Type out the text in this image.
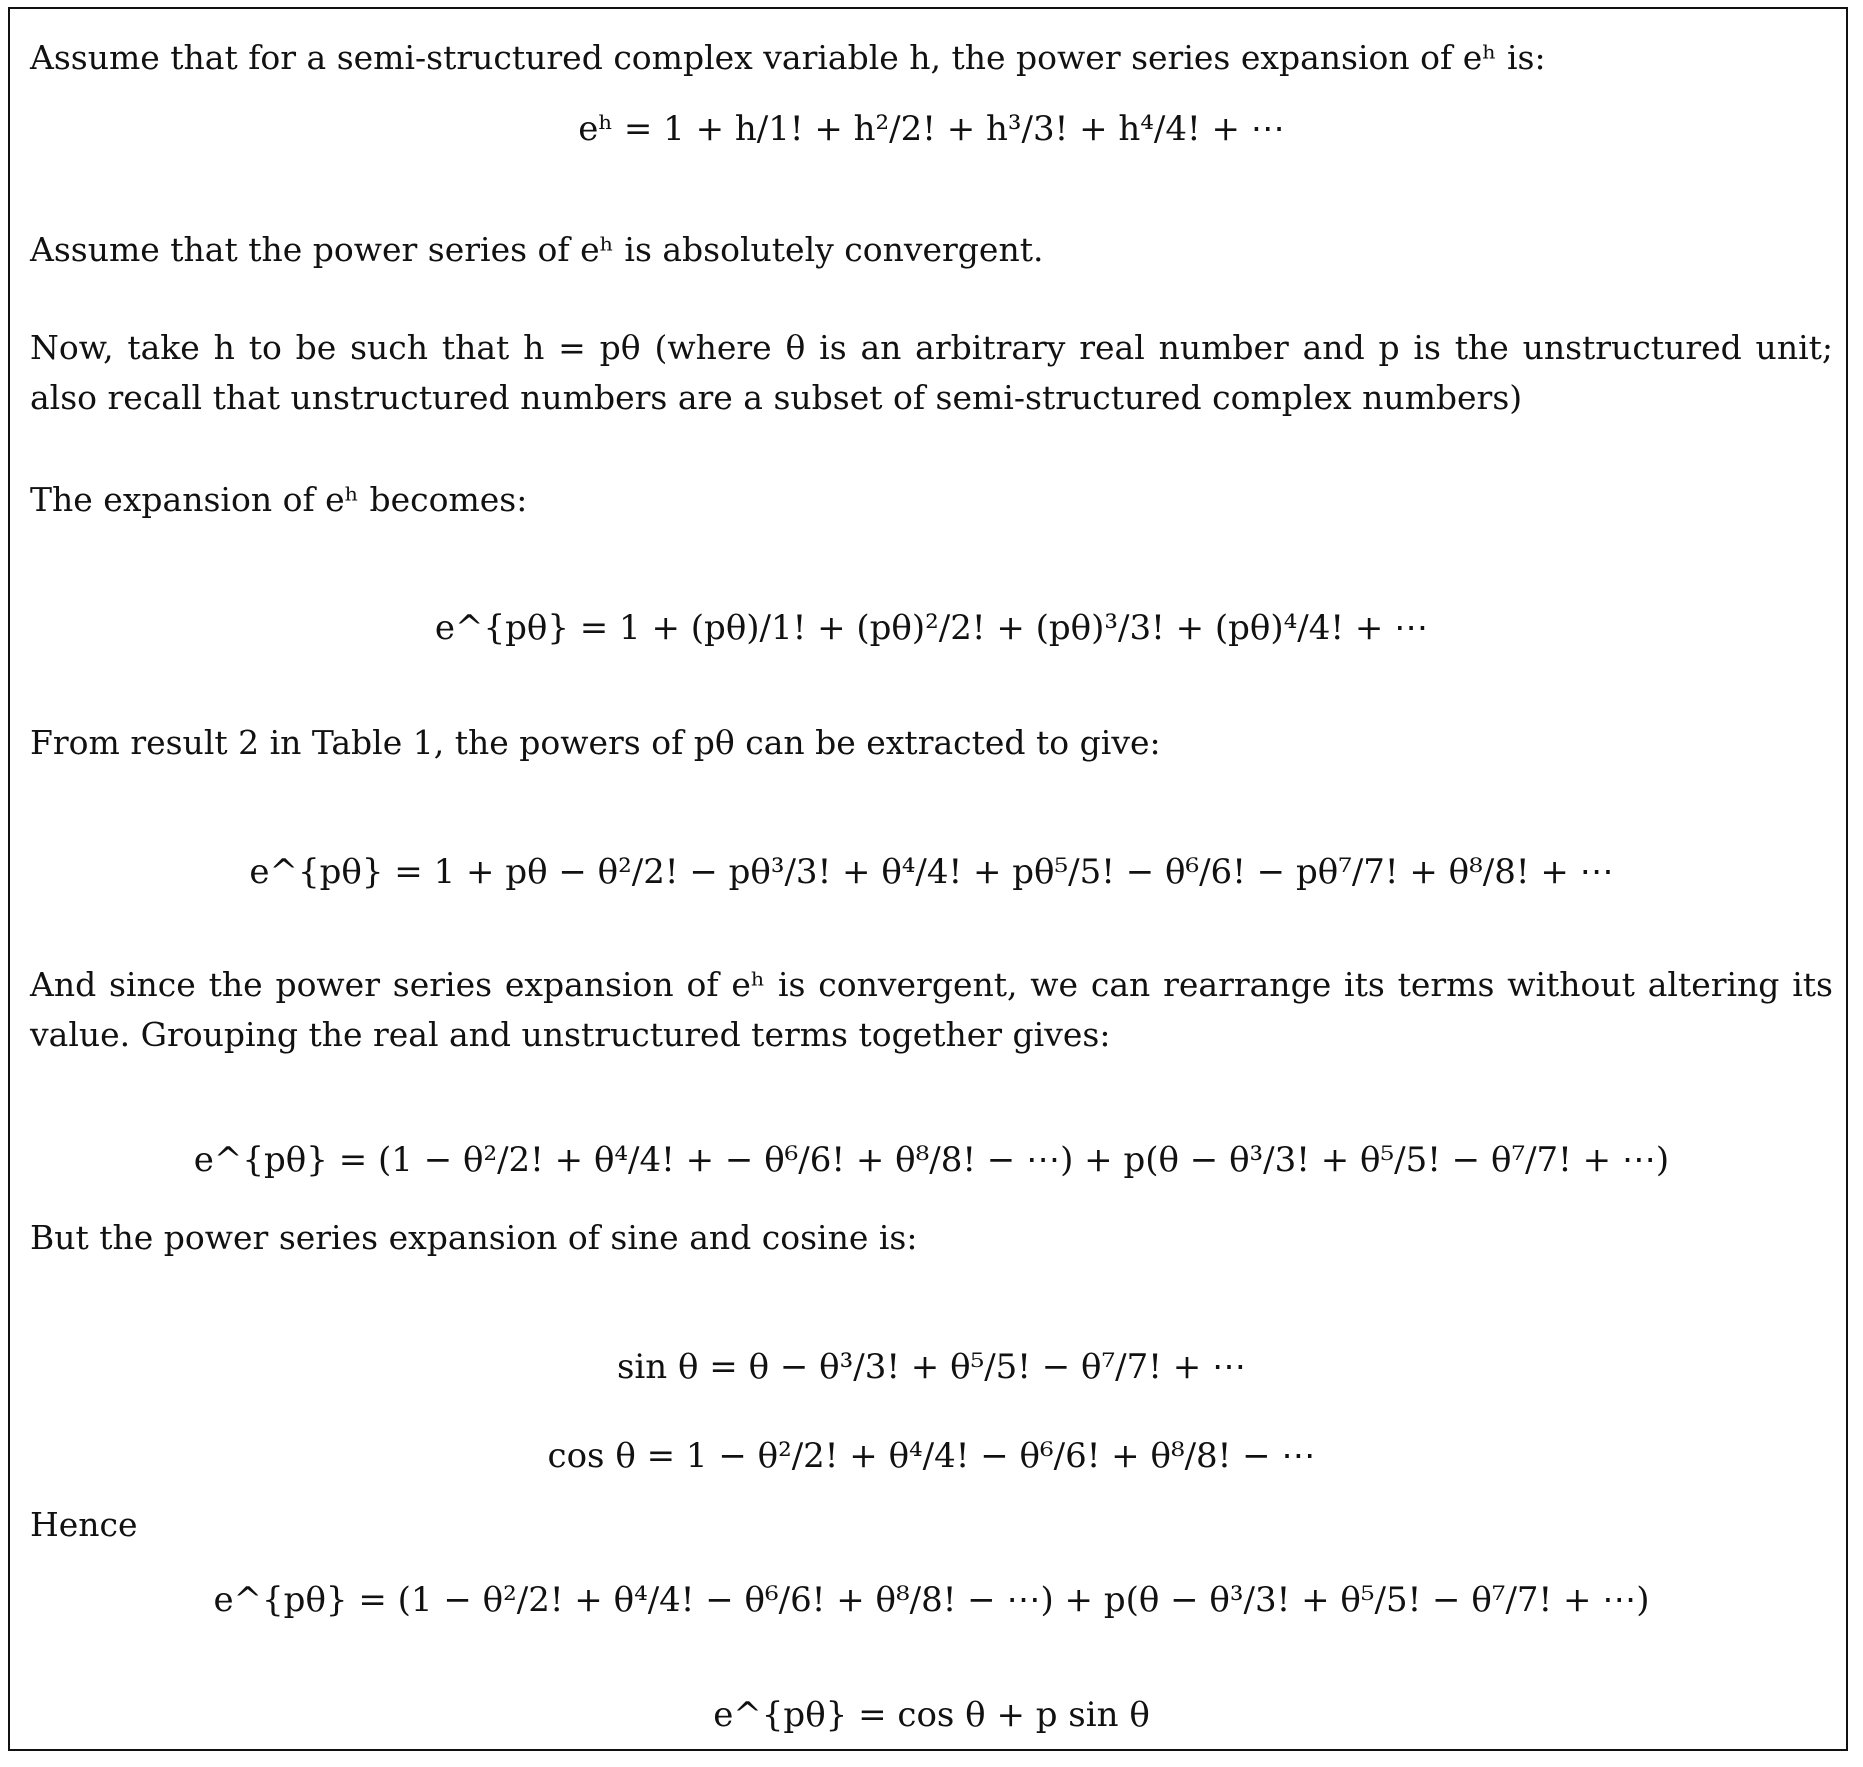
Assume that for a semi-structured complex variable h, the power series expansion of eʰ is:
eʰ = 1 + h/1! + h²/2! + h³/3! + h⁴/4! + ⋯
Assume that the power series of eʰ is absolutely convergent.
Now, take h to be such that h = pθ (where θ is an arbitrary real number and p is the unstructured unit; also recall that unstructured numbers are a subset of semi-structured complex numbers)
The expansion of eʰ becomes:
e^{pθ} = 1 + (pθ)/1! + (pθ)²/2! + (pθ)³/3! + (pθ)⁴/4! + ⋯
From result 2 in Table 1, the powers of pθ can be extracted to give:
e^{pθ} = 1 + pθ − θ²/2! − pθ³/3! + θ⁴/4! + pθ⁵/5! − θ⁶/6! − pθ⁷/7! + θ⁸/8! + ⋯
And since the power series expansion of eʰ is convergent, we can rearrange its terms without altering its value. Grouping the real and unstructured terms together gives:
e^{pθ} = (1 − θ²/2! + θ⁴/4! + − θ⁶/6! + θ⁸/8! − ⋯) + p(θ − θ³/3! + θ⁵/5! − θ⁷/7! + ⋯)
But the power series expansion of sine and cosine is:
sin θ = θ − θ³/3! + θ⁵/5! − θ⁷/7! + ⋯
cos θ = 1 − θ²/2! + θ⁴/4! − θ⁶/6! + θ⁸/8! − ⋯
Hence
e^{pθ} = (1 − θ²/2! + θ⁴/4! − θ⁶/6! + θ⁸/8! − ⋯) + p(θ − θ³/3! + θ⁵/5! − θ⁷/7! + ⋯)
e^{pθ} = cos θ + p sin θ
